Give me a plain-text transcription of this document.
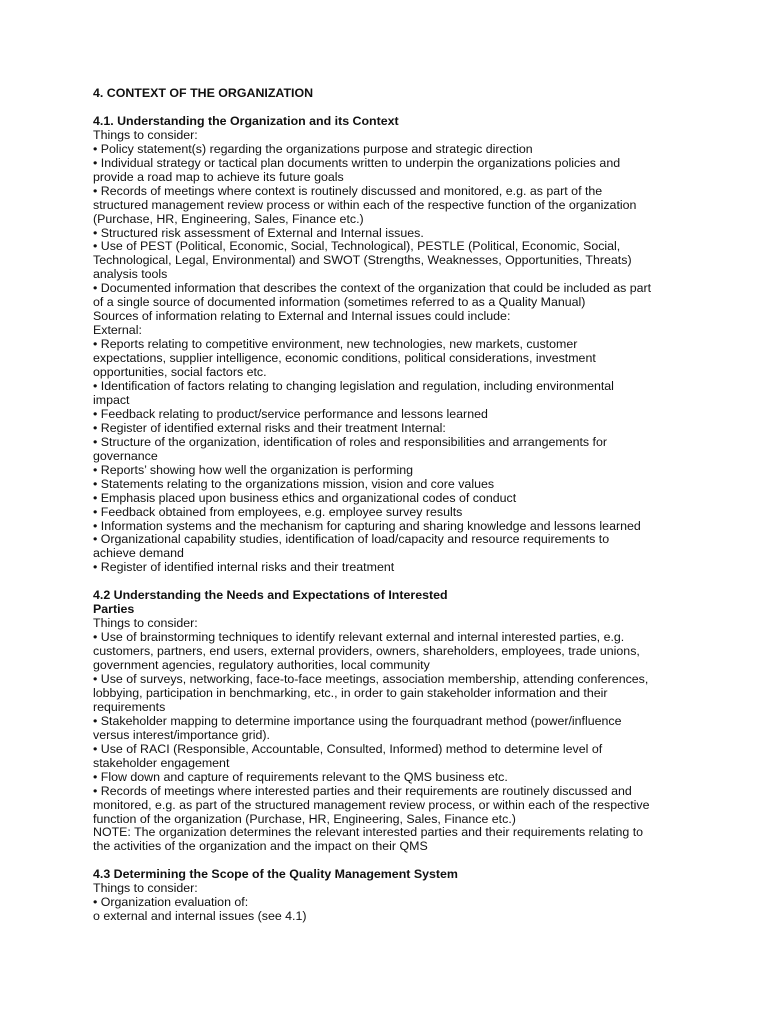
4. CONTEXT OF THE ORGANIZATION
4.1. Understanding the Organization and its Context
Things to consider:
• Policy statement(s) regarding the organizations purpose and strategic direction
• Individual strategy or tactical plan documents written to underpin the organizations policies and
provide a road map to achieve its future goals
• Records of meetings where context is routinely discussed and monitored, e.g. as part of the
structured management review process or within each of the respective function of the organization
(Purchase, HR, Engineering, Sales, Finance etc.)
• Structured risk assessment of External and Internal issues.
• Use of PEST (Political, Economic, Social, Technological), PESTLE (Political, Economic, Social,
Technological, Legal, Environmental) and SWOT (Strengths, Weaknesses, Opportunities, Threats)
analysis tools
• Documented information that describes the context of the organization that could be included as part
of a single source of documented information (sometimes referred to as a Quality Manual)
Sources of information relating to External and Internal issues could include:
External:
• Reports relating to competitive environment, new technologies, new markets, customer
expectations, supplier intelligence, economic conditions, political considerations, investment
opportunities, social factors etc.
• Identification of factors relating to changing legislation and regulation, including environmental
impact
• Feedback relating to product/service performance and lessons learned
• Register of identified external risks and their treatment Internal:
• Structure of the organization, identification of roles and responsibilities and arrangements for
governance
• Reports’ showing how well the organization is performing
• Statements relating to the organizations mission, vision and core values
• Emphasis placed upon business ethics and organizational codes of conduct
• Feedback obtained from employees, e.g. employee survey results
• Information systems and the mechanism for capturing and sharing knowledge and lessons learned
• Organizational capability studies, identification of load/capacity and resource requirements to
achieve demand
• Register of identified internal risks and their treatment
4.2 Understanding the Needs and Expectations of Interested
Parties
Things to consider:
• Use of brainstorming techniques to identify relevant external and internal interested parties, e.g.
customers, partners, end users, external providers, owners, shareholders, employees, trade unions,
government agencies, regulatory authorities, local community
• Use of surveys, networking, face-to-face meetings, association membership, attending conferences,
lobbying, participation in benchmarking, etc., in order to gain stakeholder information and their
requirements
• Stakeholder mapping to determine importance using the fourquadrant method (power/influence
versus interest/importance grid).
• Use of RACI (Responsible, Accountable, Consulted, Informed) method to determine level of
stakeholder engagement
• Flow down and capture of requirements relevant to the QMS business etc.
• Records of meetings where interested parties and their requirements are routinely discussed and
monitored, e.g. as part of the structured management review process, or within each of the respective
function of the organization (Purchase, HR, Engineering, Sales, Finance etc.)
NOTE: The organization determines the relevant interested parties and their requirements relating to
the activities of the organization and the impact on their QMS
4.3 Determining the Scope of the Quality Management System
Things to consider:
• Organization evaluation of:
o external and internal issues (see 4.1)
